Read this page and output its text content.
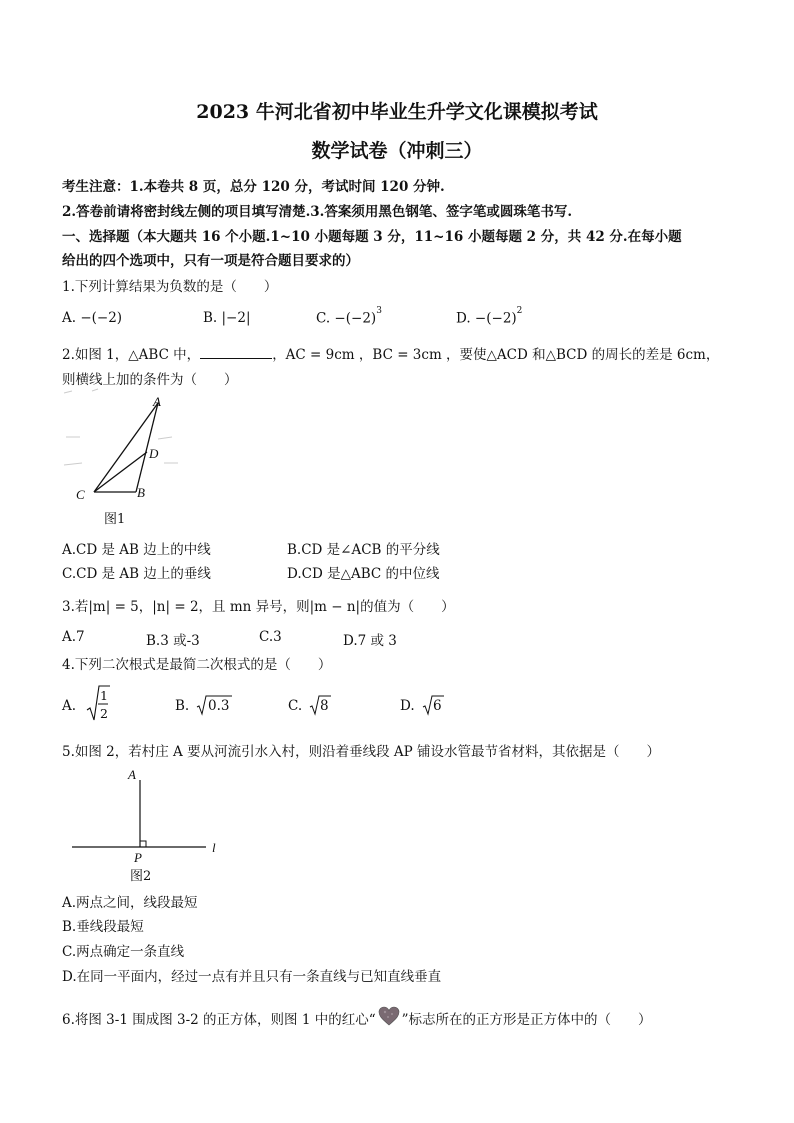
2023 牛河北省初中毕业生升学文化课模拟考试
数学试卷（冲刺三）
考生注意：1.本卷共 8 页，总分 120 分，考试时间 120 分钟.
2.答卷前请将密封线左侧的项目填写清楚.3.答案须用黑色钢笔、签字笔或圆珠笔书写.
一、选择题（本大题共 16 个小题.1~10 小题每题 3 分，11~16 小题每题 2 分，共 42 分.在每小题
给出的四个选项中，只有一项是符合题目要求的）
1.下列计算结果为负数的是（　　）
A. −(−2)	B. |−2|	C. $-(-2)^3$	D. $-(-2)^2$
2.如图 1，△ABC 中，	，AC = 9cm ，BC = 3cm ，要使△ACD 和△BCD 的周长的差是 6cm，
则横线上加的条件为（　　）
A
D
C	B
图1
A.CD 是 AB 边上的中线	B.CD 是∠ACB 的平分线
C.CD 是 AB 边上的垂线	D.CD 是△ABC 的中位线
3.若|m| = 5，|n| = 2，且 mn 异号，则|m − n|的值为（　　）
A.7	B.3 或-3	C.3	D.7 或 3
4.下列二次根式是最简二次根式的是（　　）
A.
1
2	B. 0.3	C. 8	D. 6
5.如图 2，若村庄 A 要从河流引水入村，则沿着垂线段 AP 铺设水管最节省材料，其依据是（　　）
A
P
l
图2
A.两点之间，线段最短
B.垂线段最短
C.两点确定一条直线
D.在同一平面内，经过一点有并且只有一条直线与已知直线垂直
6.将图 3-1 围成图 3-2 的正方体，则图 1 中的红心“ ”标志所在的正方形是正方体中的（　　）
